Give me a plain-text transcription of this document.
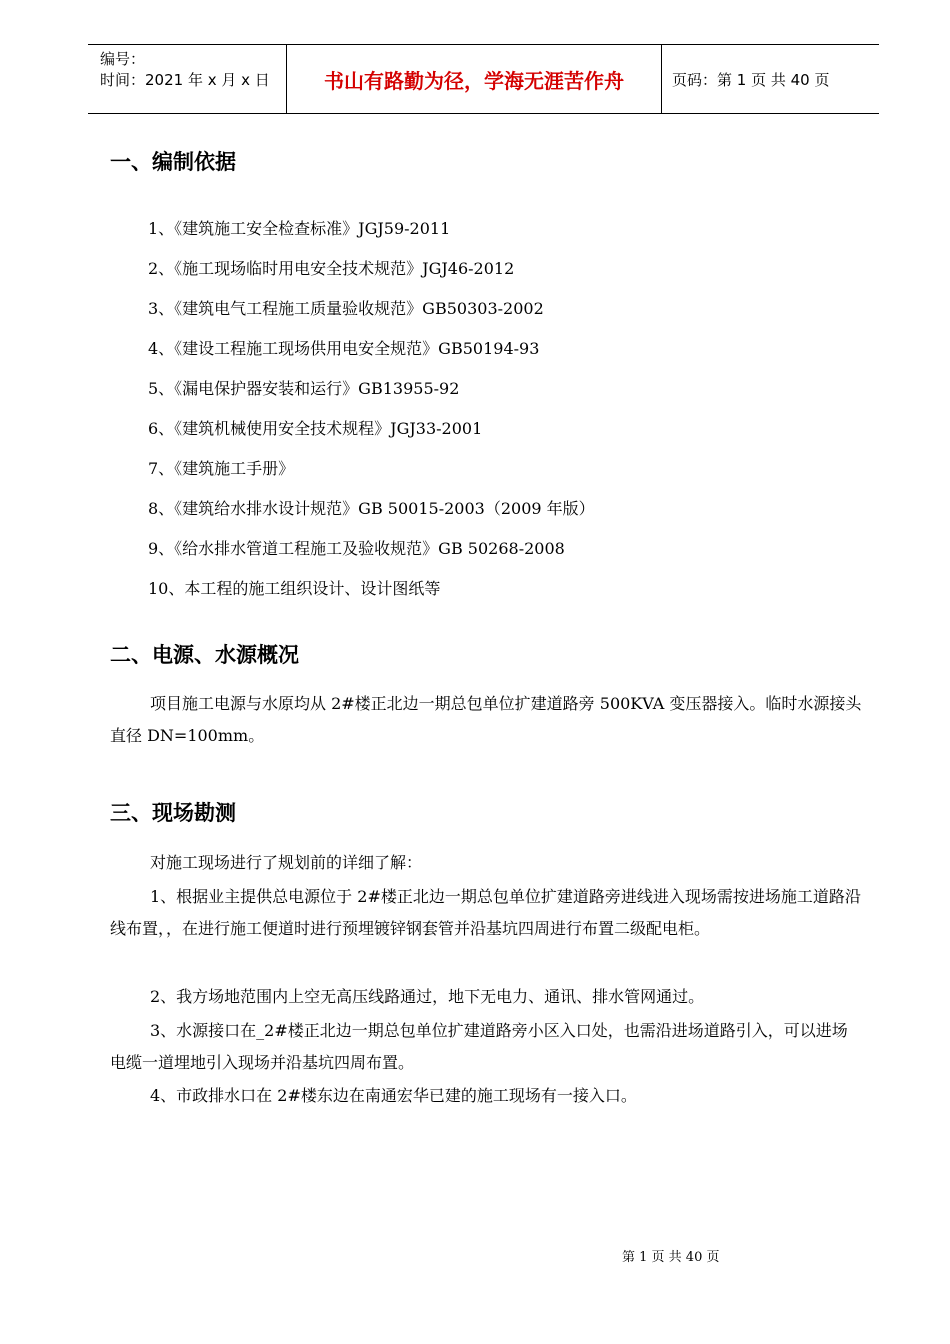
编号：
时间：2021 年 x 月 x 日	书山有路勤为径，学海无涯苦作舟	页码：第 1 页 共 40 页
一、编制依据
1、《建筑施工安全检查标准》JGJ59-2011
2、《施工现场临时用电安全技术规范》JGJ46-2012
3、《建筑电气工程施工质量验收规范》GB50303-2002
4、《建设工程施工现场供用电安全规范》GB50194-93
5、《漏电保护器安装和运行》GB13955-92
6、《建筑机械使用安全技术规程》JGJ33-2001
7、《建筑施工手册》
8、《建筑给水排水设计规范》GB 50015-2003（2009 年版）
9、《给水排水管道工程施工及验收规范》GB 50268-2008
10、本工程的施工组织设计、设计图纸等
二、电源、水源概况

项目施工电源与水原均从 2#楼正北边一期总包单位扩建道路旁 500KVA 变压器接入。临时水源接头直径 DN=100mm。

三、现场勘测

对施工现场进行了规划前的详细了解：

1、根据业主提供总电源位于 2#楼正北边一期总包单位扩建道路旁进线进入现场需按进场施工道路沿线布置，，在进行施工便道时进行预埋镀锌钢套管并沿基坑四周进行布置二级配电柜。

2、我方场地范围内上空无高压线路通过，地下无电力、通讯、排水管网通过。

3、水源接口在_2#楼正北边一期总包单位扩建道路旁小区入口处，也需沿进场道路引入，可以进场电缆一道埋地引入现场并沿基坑四周布置。

4、市政排水口在 2#楼东边在南通宏华已建的施工现场有一接入口。

第 1 页 共 40 页
